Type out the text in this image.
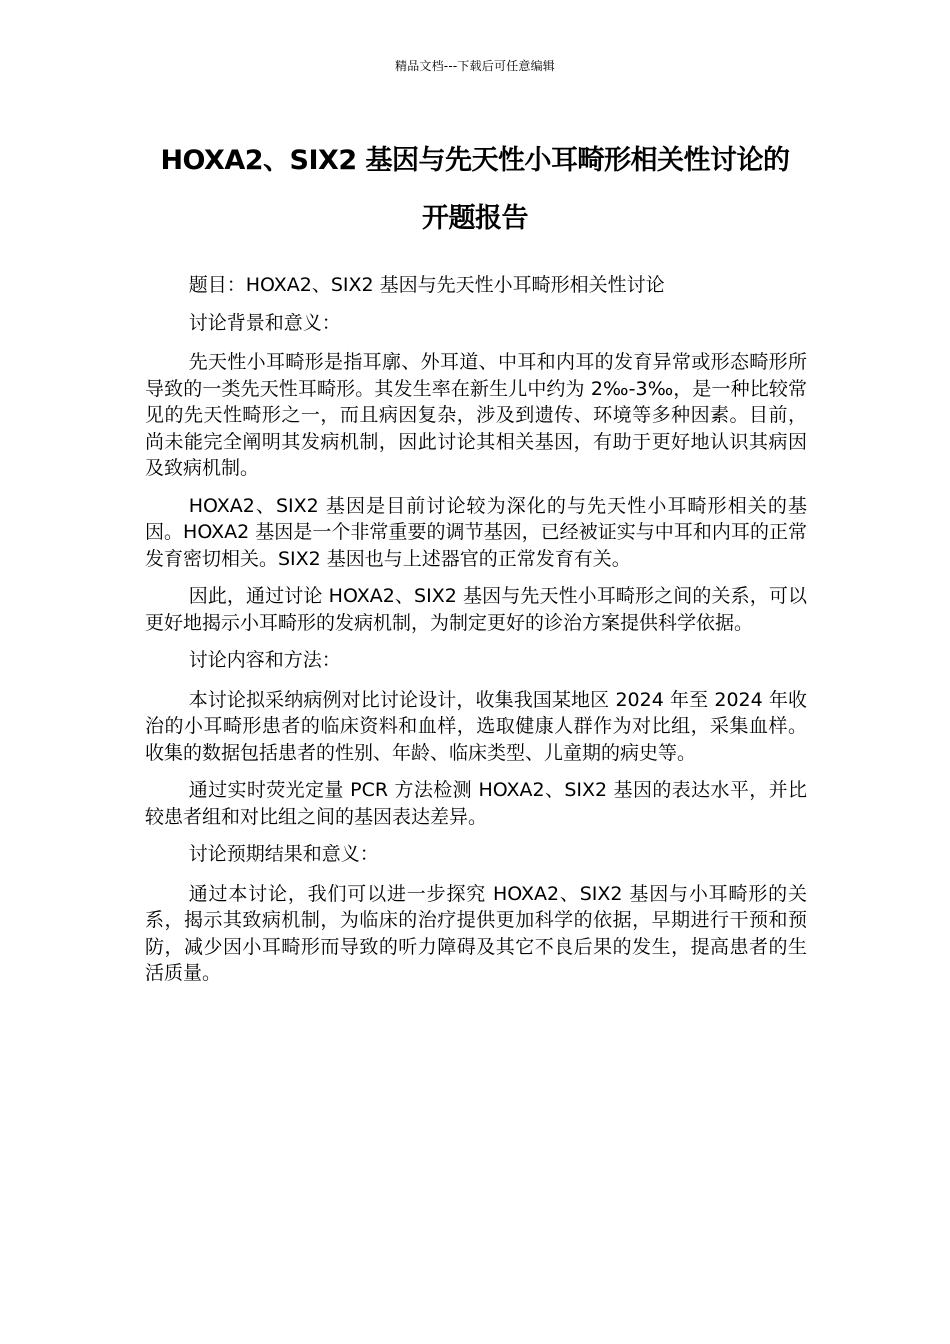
精品文档---下载后可任意编辑
HOXA2、SIX2 基因与先天性小耳畸形相关性讨论的
开题报告

题目：HOXA2、SIX2 基因与先天性小耳畸形相关性讨论

讨论背景和意义：

先天性小耳畸形是指耳廓、外耳道、中耳和内耳的发育异常或形态畸形所导致的一类先天性耳畸形。其发生率在新生儿中约为 2‰-3‰，是一种比较常见的先天性畸形之一，而且病因复杂，涉及到遗传、环境等多种因素。目前，尚未能完全阐明其发病机制，因此讨论其相关基因，有助于更好地认识其病因及致病机制。

HOXA2、SIX2 基因是目前讨论较为深化的与先天性小耳畸形相关的基因。HOXA2 基因是一个非常重要的调节基因，已经被证实与中耳和内耳的正常发育密切相关。SIX2 基因也与上述器官的正常发育有关。

因此，通过讨论 HOXA2、SIX2 基因与先天性小耳畸形之间的关系，可以更好地揭示小耳畸形的发病机制，为制定更好的诊治方案提供科学依据。

讨论内容和方法：

本讨论拟采纳病例对比讨论设计，收集我国某地区 2024 年至 2024 年收治的小耳畸形患者的临床资料和血样，选取健康人群作为对比组，采集血样。收集的数据包括患者的性别、年龄、临床类型、儿童期的病史等。

通过实时荧光定量 PCR 方法检测 HOXA2、SIX2 基因的表达水平，并比较患者组和对比组之间的基因表达差异。

讨论预期结果和意义：

通过本讨论，我们可以进一步探究 HOXA2、SIX2 基因与小耳畸形的关系，揭示其致病机制，为临床的治疗提供更加科学的依据，早期进行干预和预防，减少因小耳畸形而导致的听力障碍及其它不良后果的发生，提高患者的生活质量。
